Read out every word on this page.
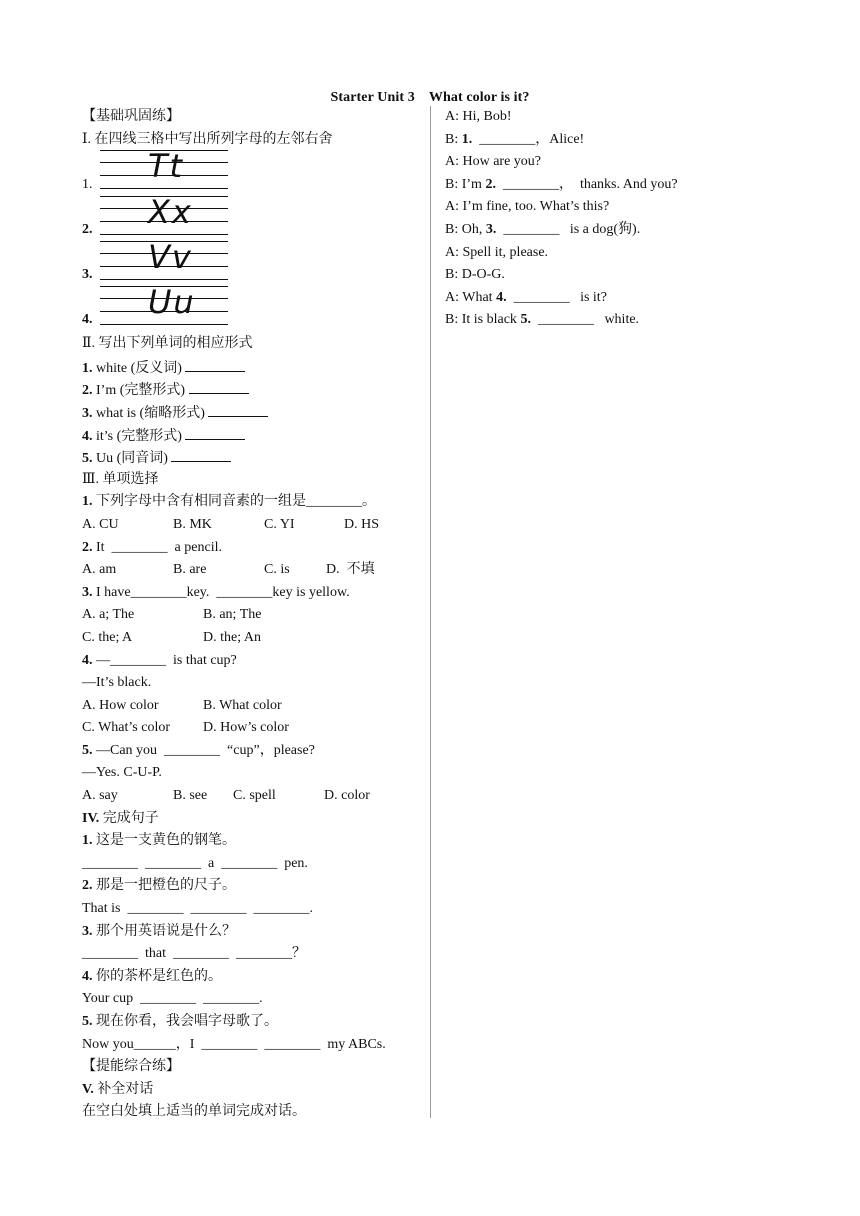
Starter Unit 3　What color is it?
【基础巩固练】
Ⅰ. 在四线三格中写出所列字母的左邻右舍
Ⅱ. 写出下列单词的相应形式
1. white (反义词)
2. I’m (完整形式)
3. what is (缩略形式)
4. it’s (完整形式)
5. Uu (同音词)
Ⅲ. 单项选择
1. 下列字母中含有相同音素的一组是________。
A. CU	B. MK	C. YI	D. HS
2. It  ________  a pencil.
A. am	B. are	C. is	D.  不填
3. I have________key.  ________key is yellow.
A. a; The	B. an; The
C. the; A	D. the; An
4. —________  is that cup?
—It’s black.
A. How color	B. What color
C. What’s color	D. How’s color
5. —Can you  ________  “cup”，please?
—Yes. C-U-P.
A. say	B. see	C. spell	D. color
IV. 完成句子
1. 这是一支黄色的钢笔。
________  ________  a  ________  pen.
2. 那是一把橙色的尺子。
That is  ________  ________  ________.
3. 那个用英语说是什么？
________  that  ________  ________？
4. 你的茶杯是红色的。
Your cup  ________  ________.
5. 现在你看，我会唱字母歌了。
Now you______，I  ________  ________  my ABCs.
【提能综合练】
V. 补全对话
在空白处填上适当的单词完成对话。
Tt
1.
Xx
2.
Vv
3.
Uu
4.
A: Hi, Bob!
B: 1.  ________，Alice!
A: How are you?
B: I’m 2.  ________，  thanks. And you?
A: I’m fine, too. What’s this?
B: Oh, 3.  ________   is a dog(狗).
A: Spell it, please.
B: D-O-G.
A: What 4.  ________   is it?
B: It is black 5.  ________   white.
